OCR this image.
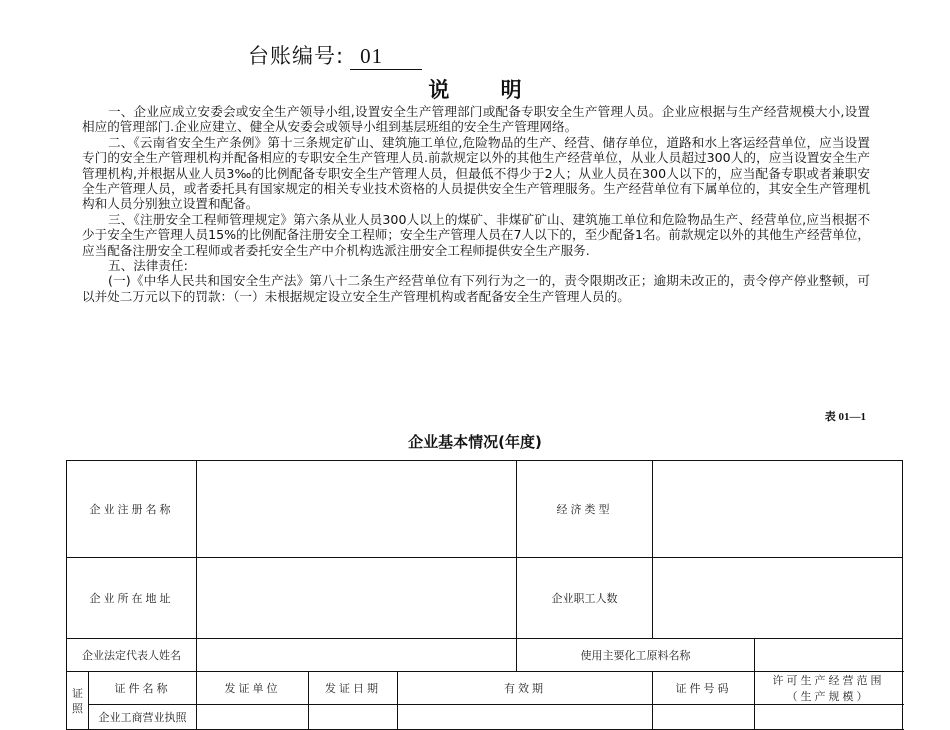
台账编号: 01
说 明

一、企业应成立安委会或安全生产领导小组,设置安全生产管理部门或配备专职安全生产管理人员。企业应根据与生产经营规模大小,设置相应的管理部门.企业应建立、健全从安委会或领导小组到基层班组的安全生产管理网络。

二、《云南省安全生产条例》第十三条规定矿山、建筑施工单位,危险物品的生产、经营、储存单位，道路和水上客运经营单位，应当设置专门的安全生产管理机构并配备相应的专职安全生产管理人员.前款规定以外的其他生产经营单位，从业人员超过300人的，应当设置安全生产管理机构,并根据从业人员3‰的比例配备专职安全生产管理人员，但最低不得少于2人；从业人员在300人以下的，应当配备专职或者兼职安全生产管理人员，或者委托具有国家规定的相关专业技术资格的人员提供安全生产管理服务。生产经营单位有下属单位的，其安全生产管理机构和人员分别独立设置和配备。

三、《注册安全工程师管理规定》第六条从业人员300人以上的煤矿、非煤矿矿山、建筑施工单位和危险物品生产、经营单位,应当根据不少于安全生产管理人员15%的比例配备注册安全工程师；安全生产管理人员在7人以下的，至少配备1名。前款规定以外的其他生产经营单位，应当配备注册安全工程师或者委托安全生产中介机构选派注册安全工程师提供安全生产服务.

五、法律责任:

(一)《中华人民共和国安全生产法》第八十二条生产经营单位有下列行为之一的，责令限期改正；逾期未改正的，责令停产停业整顿，可以并处二万元以下的罚款：（一）未根据规定设立安全生产管理机构或者配备安全生产管理人员的。

表 01—1
企业基本情况(年度)
企业注册名称					经济类型			
企业所在地址					企业职工人数		

企业法定代表人姓名					使用主要化工原料名称			
证照	证件名称	发证单位	发证日期	有效期		证件号码	许可生产经营范围（生产规模）	
	企业工商营业执照							
